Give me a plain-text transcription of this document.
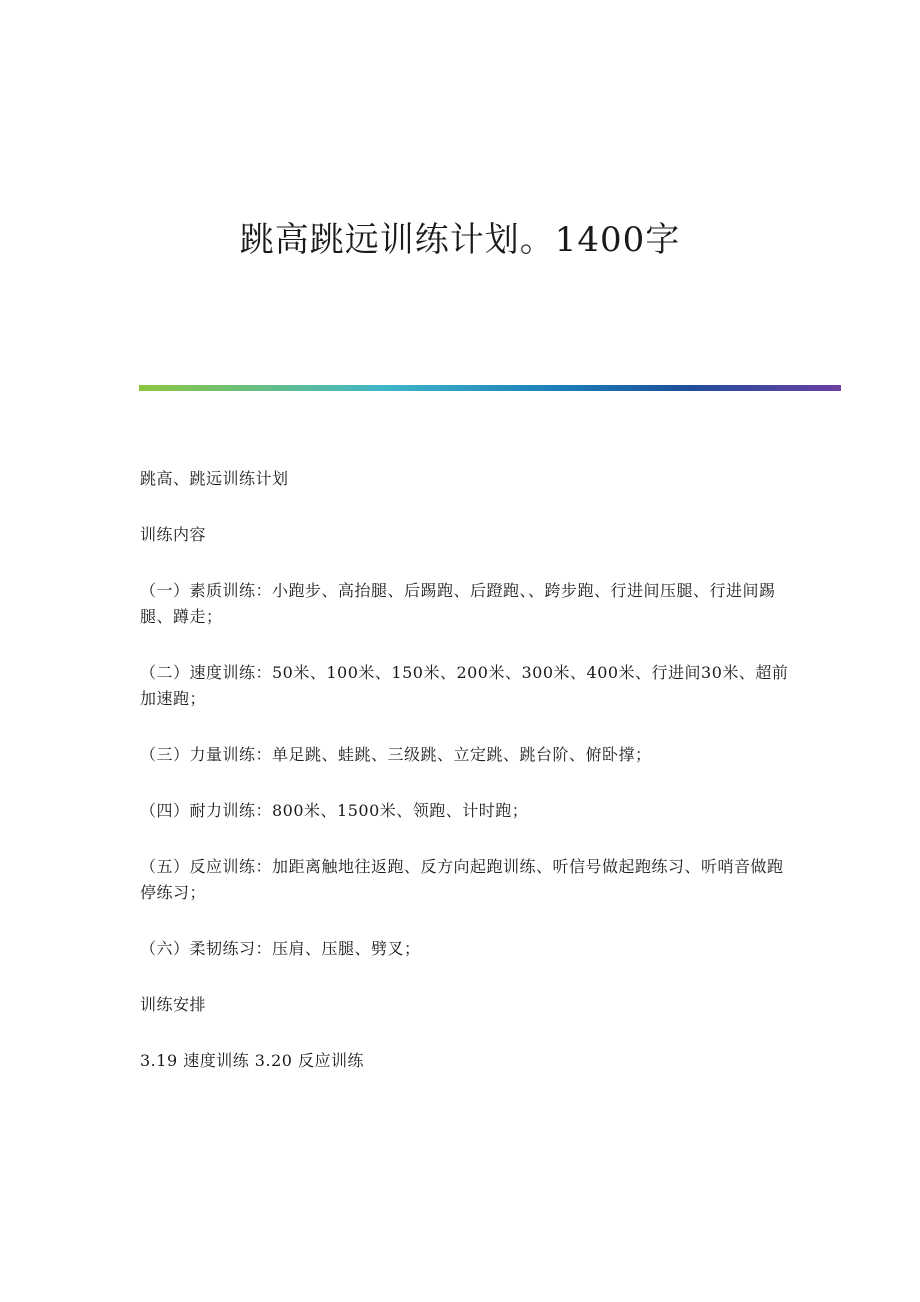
跳高跳远训练计划。1400字

跳高、跳远训练计划

训练内容

（一）素质训练：小跑步、高抬腿、后踢跑、后蹬跑、、跨步跑、行进间压腿、行进间踢腿、蹲走；

（二）速度训练：50米、100米、150米、200米、300米、400米、行进间30米、超前加速跑；

（三）力量训练：单足跳、蛙跳、三级跳、立定跳、跳台阶、俯卧撑；

（四）耐力训练：800米、1500米、领跑、计时跑；

（五）反应训练：加距离触地往返跑、反方向起跑训练、听信号做起跑练习、听哨音做跑停练习；

（六）柔韧练习：压肩、压腿、劈叉；

训练安排

3.19 速度训练 3.20 反应训练
